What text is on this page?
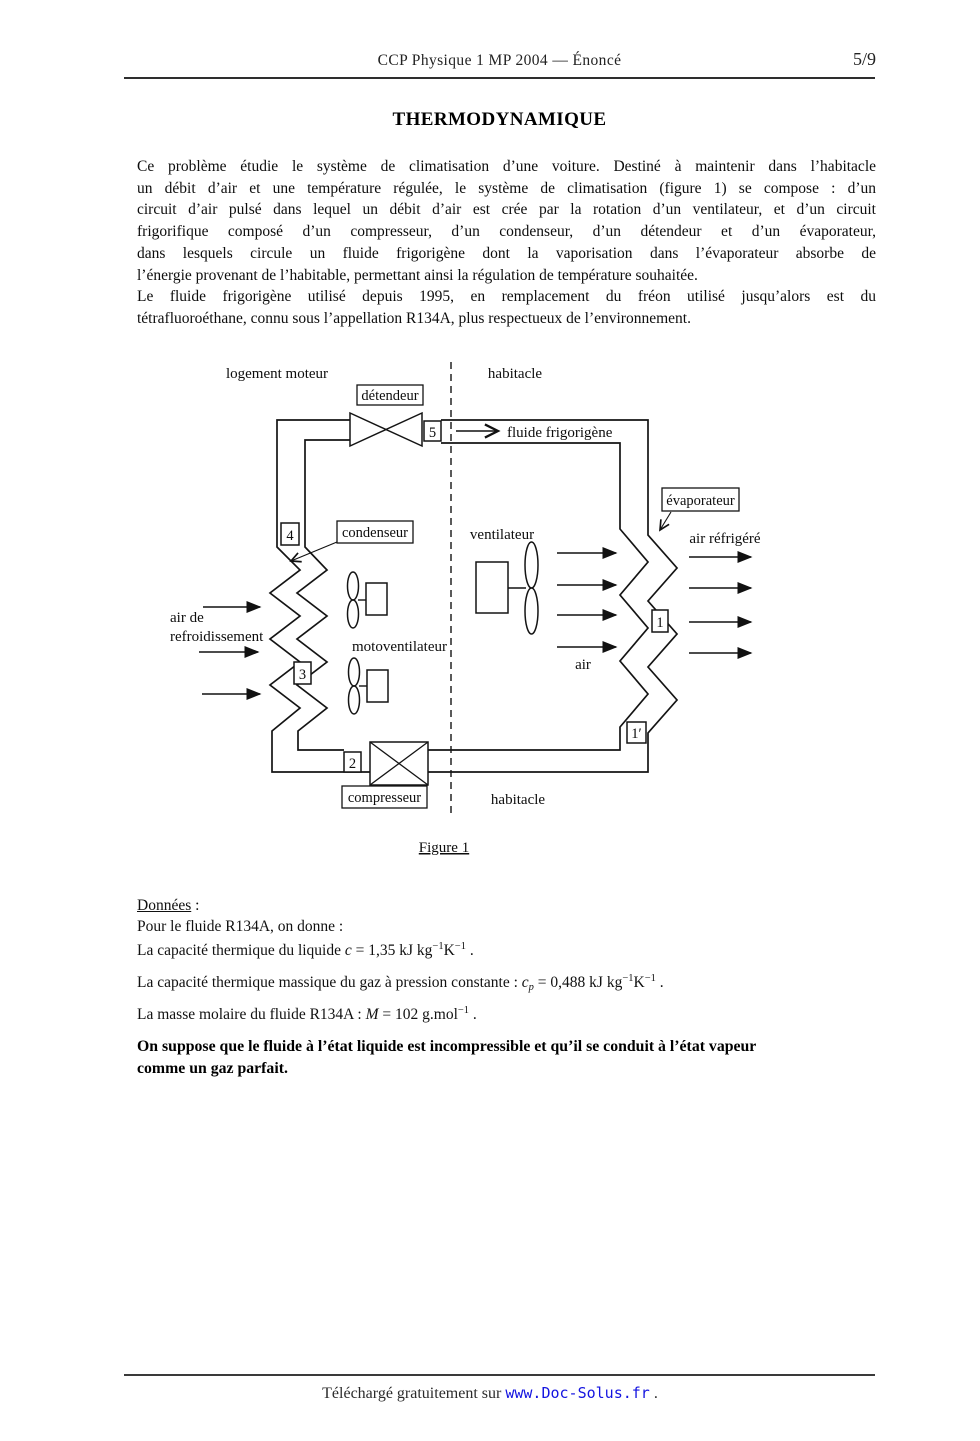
CCP Physique 1 MP 2004 — Énoncé	5/9
THERMODYNAMIQUE
Ce problème étudie le système de climatisation d’une voiture. Destiné à maintenir dans l’habitacle
un débit d’air et une température régulée, le système de climatisation (figure 1) se compose : d’un
circuit d’air pulsé dans lequel un débit d’air est crée par la rotation d’un ventilateur, et d’un circuit
frigorifique composé d’un compresseur, d’un condenseur, d’un détendeur et d’un évaporateur,
dans lesquels circule un fluide frigorigène dont la vaporisation dans l’évaporateur absorbe de
l’énergie provenant de l’habitable, permettant ainsi la régulation de température souhaitée.
Le fluide frigorigène utilisé depuis 1995, en remplacement du fréon utilisé jusqu’alors est du
tétrafluoroéthane, connu sous l’appellation R134A, plus respectueux de l’environnement.
5
4
3
1
1′
2
détendeur
condenseur
évaporateur
compresseur
logement moteur	habitacle
fluide frigorigène
ventilateur	air réfrigéré
air de
refroidissement
motoventilateur
air
habitacle
Figure 1
Données :
Pour le fluide R134A, on donne :
La capacité thermique du liquide c = 1,35 kJ $kg^{-1}K^{-1}$ .
La capacité thermique massique du gaz à pression constante : $c_p = 0,488$ kJ $kg^{-1}K^{-1}$ .
La masse molaire du fluide R134A : M = 102 g.mol$^{-1}$ .
On suppose que le fluide à l’état liquide est incompressible et qu’il se conduit à l’état vapeur
comme un gaz parfait.
Téléchargé gratuitement sur www.Doc-Solus.fr .
